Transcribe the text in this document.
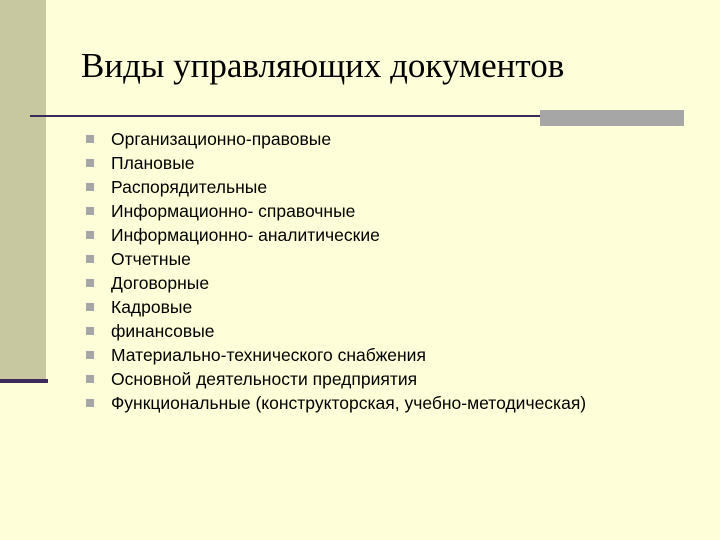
Виды управляющих документов
Организационно-правовые
Плановые
Распорядительные
Информационно- справочные
Информационно- аналитические
Отчетные
Договорные
Кадровые
финансовые
Материально-технического снабжения
Основной деятельности предприятия
Функциональные (конструкторская, учебно-методическая)
